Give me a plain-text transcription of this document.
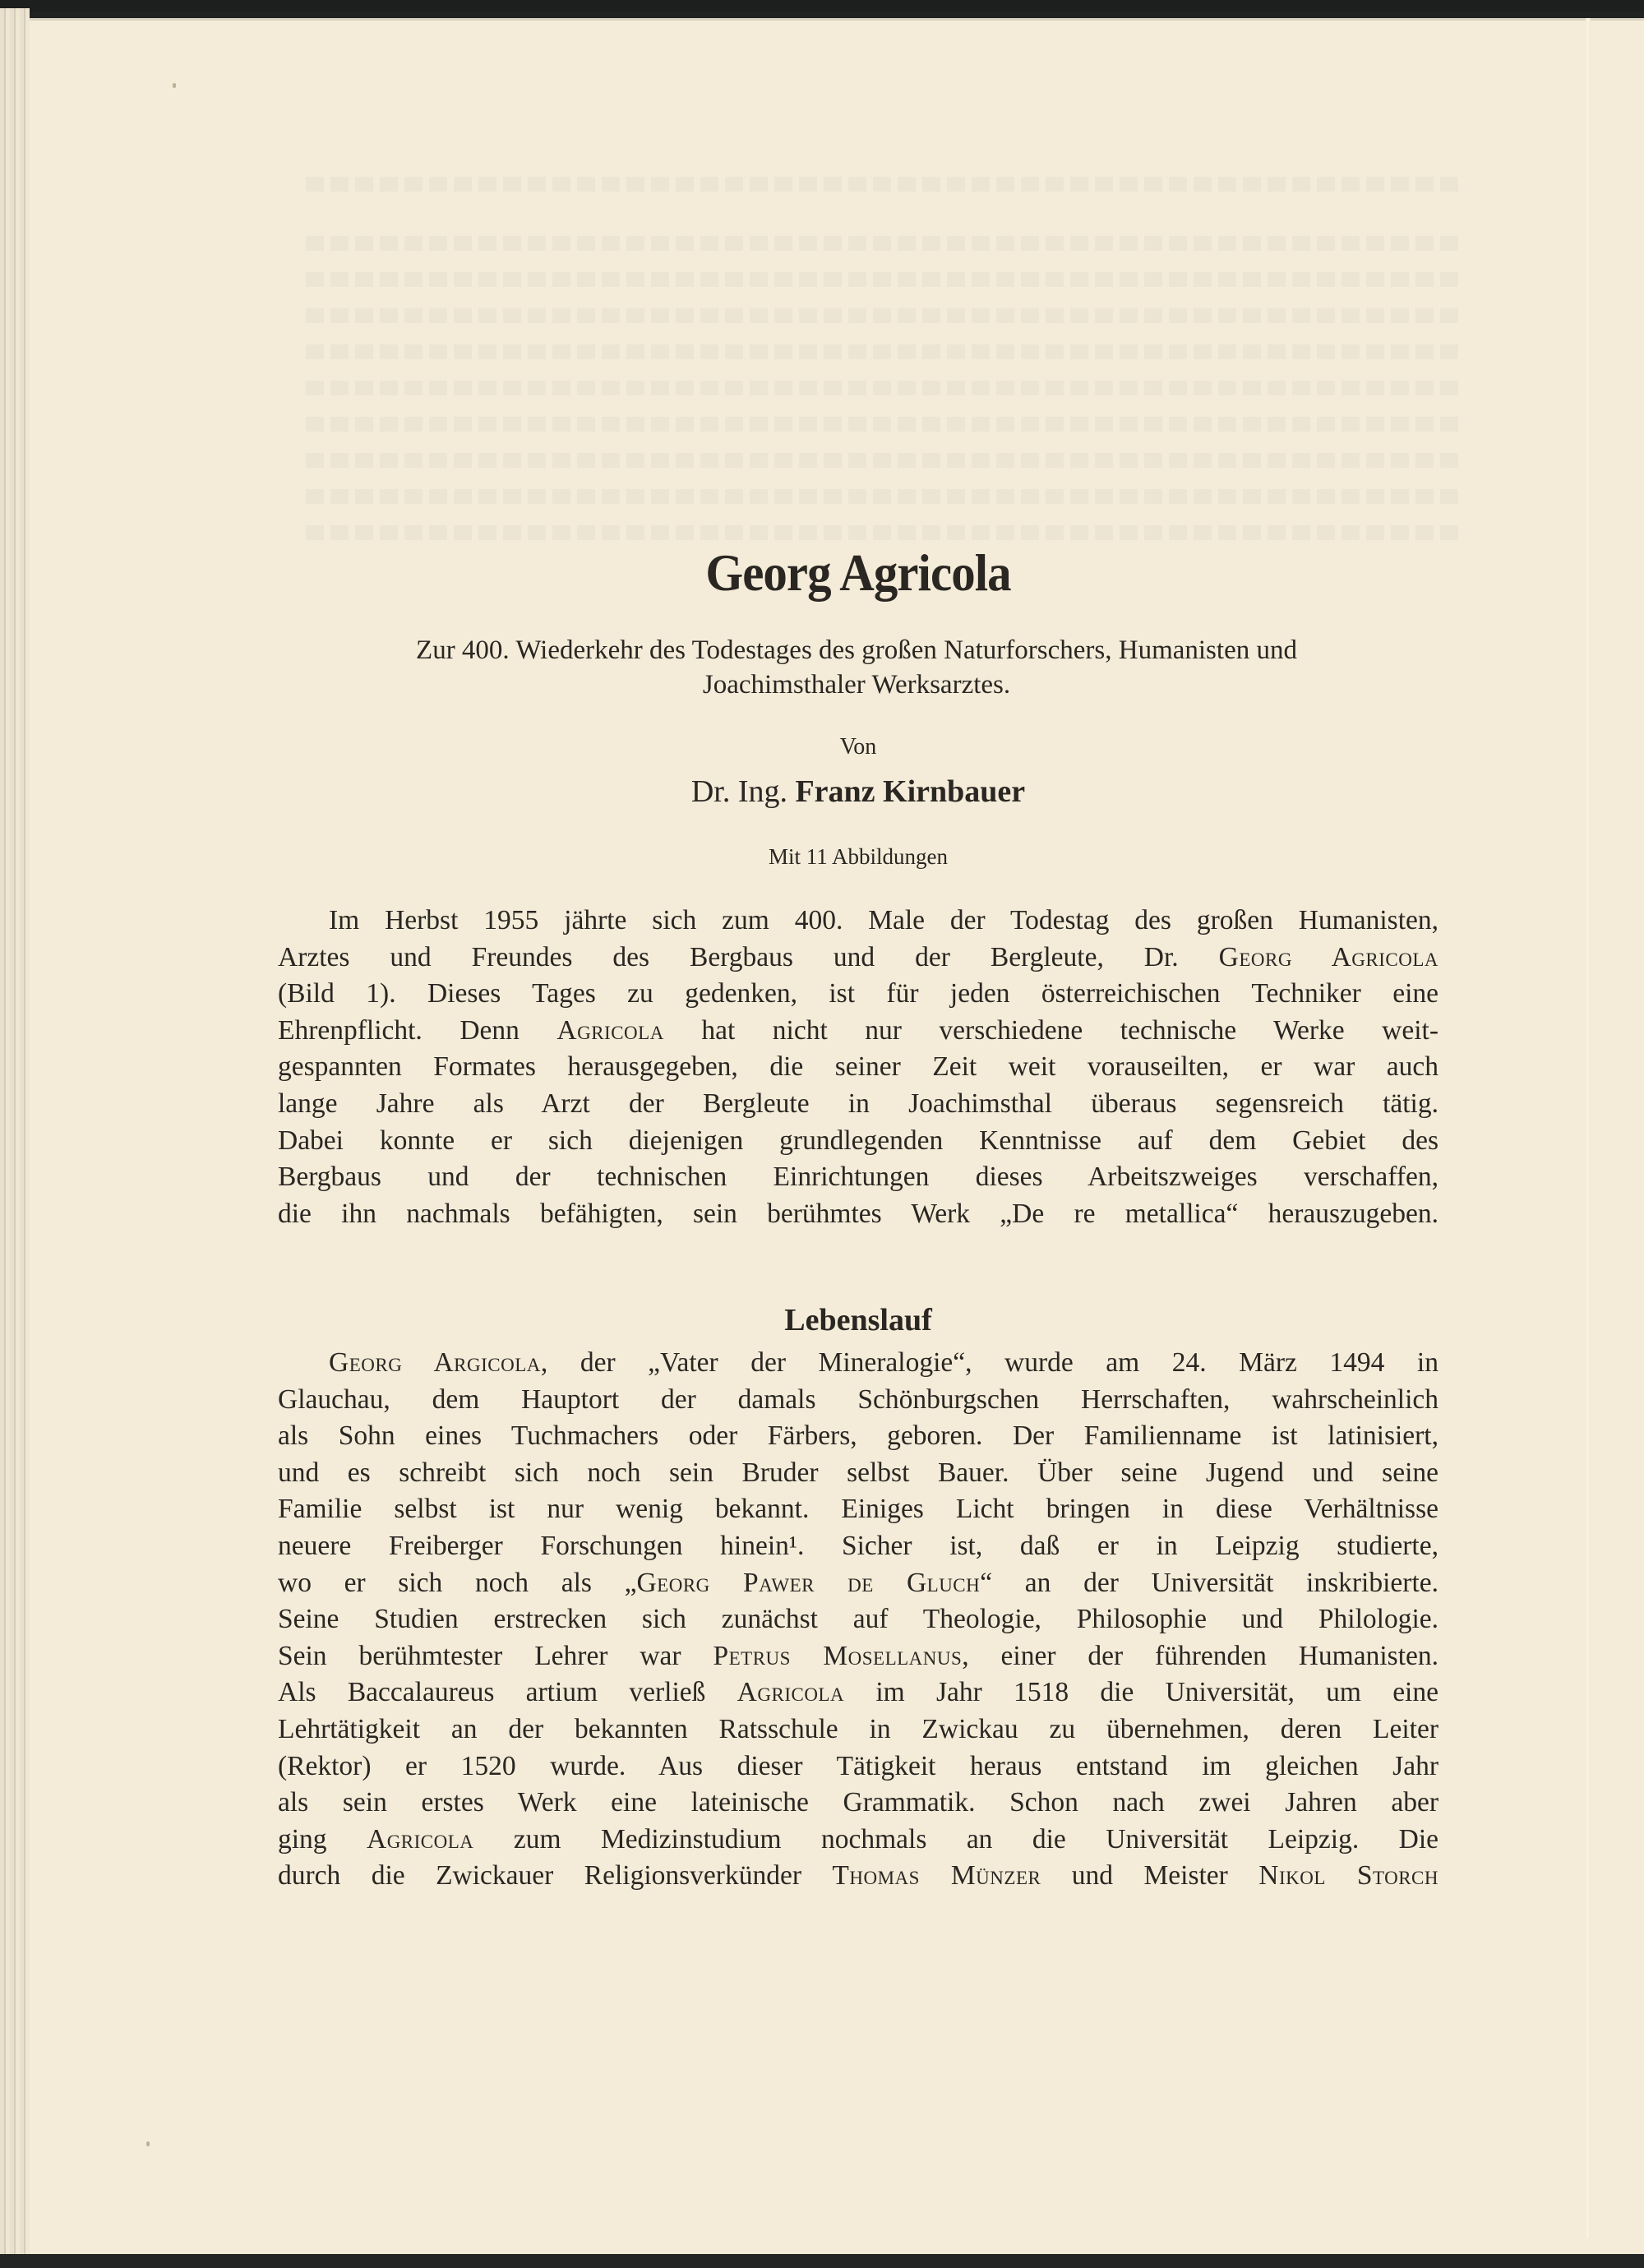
Georg Agricola
Zur 400. Wiederkehr des Todestages des großen Naturforschers, Humanisten und
Joachimsthaler Werksarztes.
Von
Dr. Ing. Franz Kirnbauer
Mit 11 Abbildungen
Im Herbst 1955 jährte sich zum 400. Male der Todestag des großen Humanisten,
Arztes und Freundes des Bergbaus und der Bergleute, Dr. Georg Agricola
(Bild 1). Dieses Tages zu gedenken, ist für jeden österreichischen Techniker eine
Ehrenpflicht. Denn Agricola hat nicht nur verschiedene technische Werke weit-
gespannten Formates herausgegeben, die seiner Zeit weit vorauseilten, er war auch
lange Jahre als Arzt der Bergleute in Joachimsthal überaus segensreich tätig.
Dabei konnte er sich diejenigen grundlegenden Kenntnisse auf dem Gebiet des
Bergbaus und der technischen Einrichtungen dieses Arbeitszweiges verschaffen,
die ihn nachmals befähigten, sein berühmtes Werk „De re metallica“ herauszugeben.
Lebenslauf
Georg Argicola, der „Vater der Mineralogie“, wurde am 24. März 1494 in
Glauchau, dem Hauptort der damals Schönburgschen Herrschaften, wahrscheinlich
als Sohn eines Tuchmachers oder Färbers, geboren. Der Familienname ist latinisiert,
und es schreibt sich noch sein Bruder selbst Bauer. Über seine Jugend und seine
Familie selbst ist nur wenig bekannt. Einiges Licht bringen in diese Verhältnisse
neuere Freiberger Forschungen hinein¹. Sicher ist, daß er in Leipzig studierte,
wo er sich noch als „Georg Pawer de Gluch“ an der Universität inskribierte.
Seine Studien erstrecken sich zunächst auf Theologie, Philosophie und Philologie.
Sein berühmtester Lehrer war Petrus Mosellanus, einer der führenden Humanisten.
Als Baccalaureus artium verließ Agricola im Jahr 1518 die Universität, um eine
Lehrtätigkeit an der bekannten Ratsschule in Zwickau zu übernehmen, deren Leiter
(Rektor) er 1520 wurde. Aus dieser Tätigkeit heraus entstand im gleichen Jahr
als sein erstes Werk eine lateinische Grammatik. Schon nach zwei Jahren aber
ging Agricola zum Medizinstudium nochmals an die Universität Leipzig. Die
durch die Zwickauer Religionsverkünder Thomas Münzer und Meister Nikol Storch
